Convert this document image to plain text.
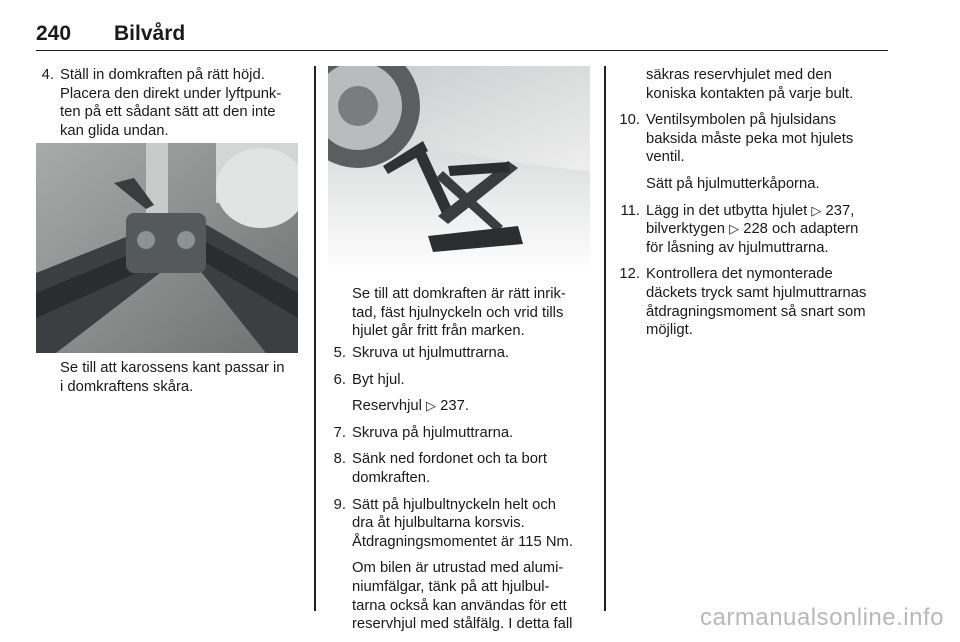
240 Bilvård
4. Ställ in domkraften på rätt höjd.
Placera den direkt under lyftpunk-
ten på ett sådant sätt att den inte
kan glida undan.
Se till att karossens kant passar in
i domkraftens skåra.
Se till att domkraften är rätt inrik-
tad, fäst hjulnyckeln och vrid tills
hjulet går fritt från marken.
5. Skruva ut hjulmuttrarna.
6. Byt hjul.
Reservhjul ▷ 237.
7. Skruva på hjulmuttrarna.
8. Sänk ned fordonet och ta bort
domkraften.
9. Sätt på hjulbultnyckeln helt och
dra åt hjulbultarna korsvis.
Åtdragningsmomentet är 115 Nm.
Om bilen är utrustad med alumi-
niumfälgar, tänk på att hjulbul-
tarna också kan användas för ett
reservhjul med stålfälg. I detta fall
säkras reservhjulet med den
koniska kontakten på varje bult.
10. Ventilsymbolen på hjulsidans
baksida måste peka mot hjulets
ventil.
Sätt på hjulmutterkåporna.
11. Lägg in det utbytta hjulet ▷ 237,
bilverktygen ▷ 228 och adaptern
för låsning av hjulmuttrarna.
12. Kontrollera det nymonterade
däckets tryck samt hjulmuttrarnas
åtdragningsmoment så snart som
möjligt.
carmanualsonline.info
